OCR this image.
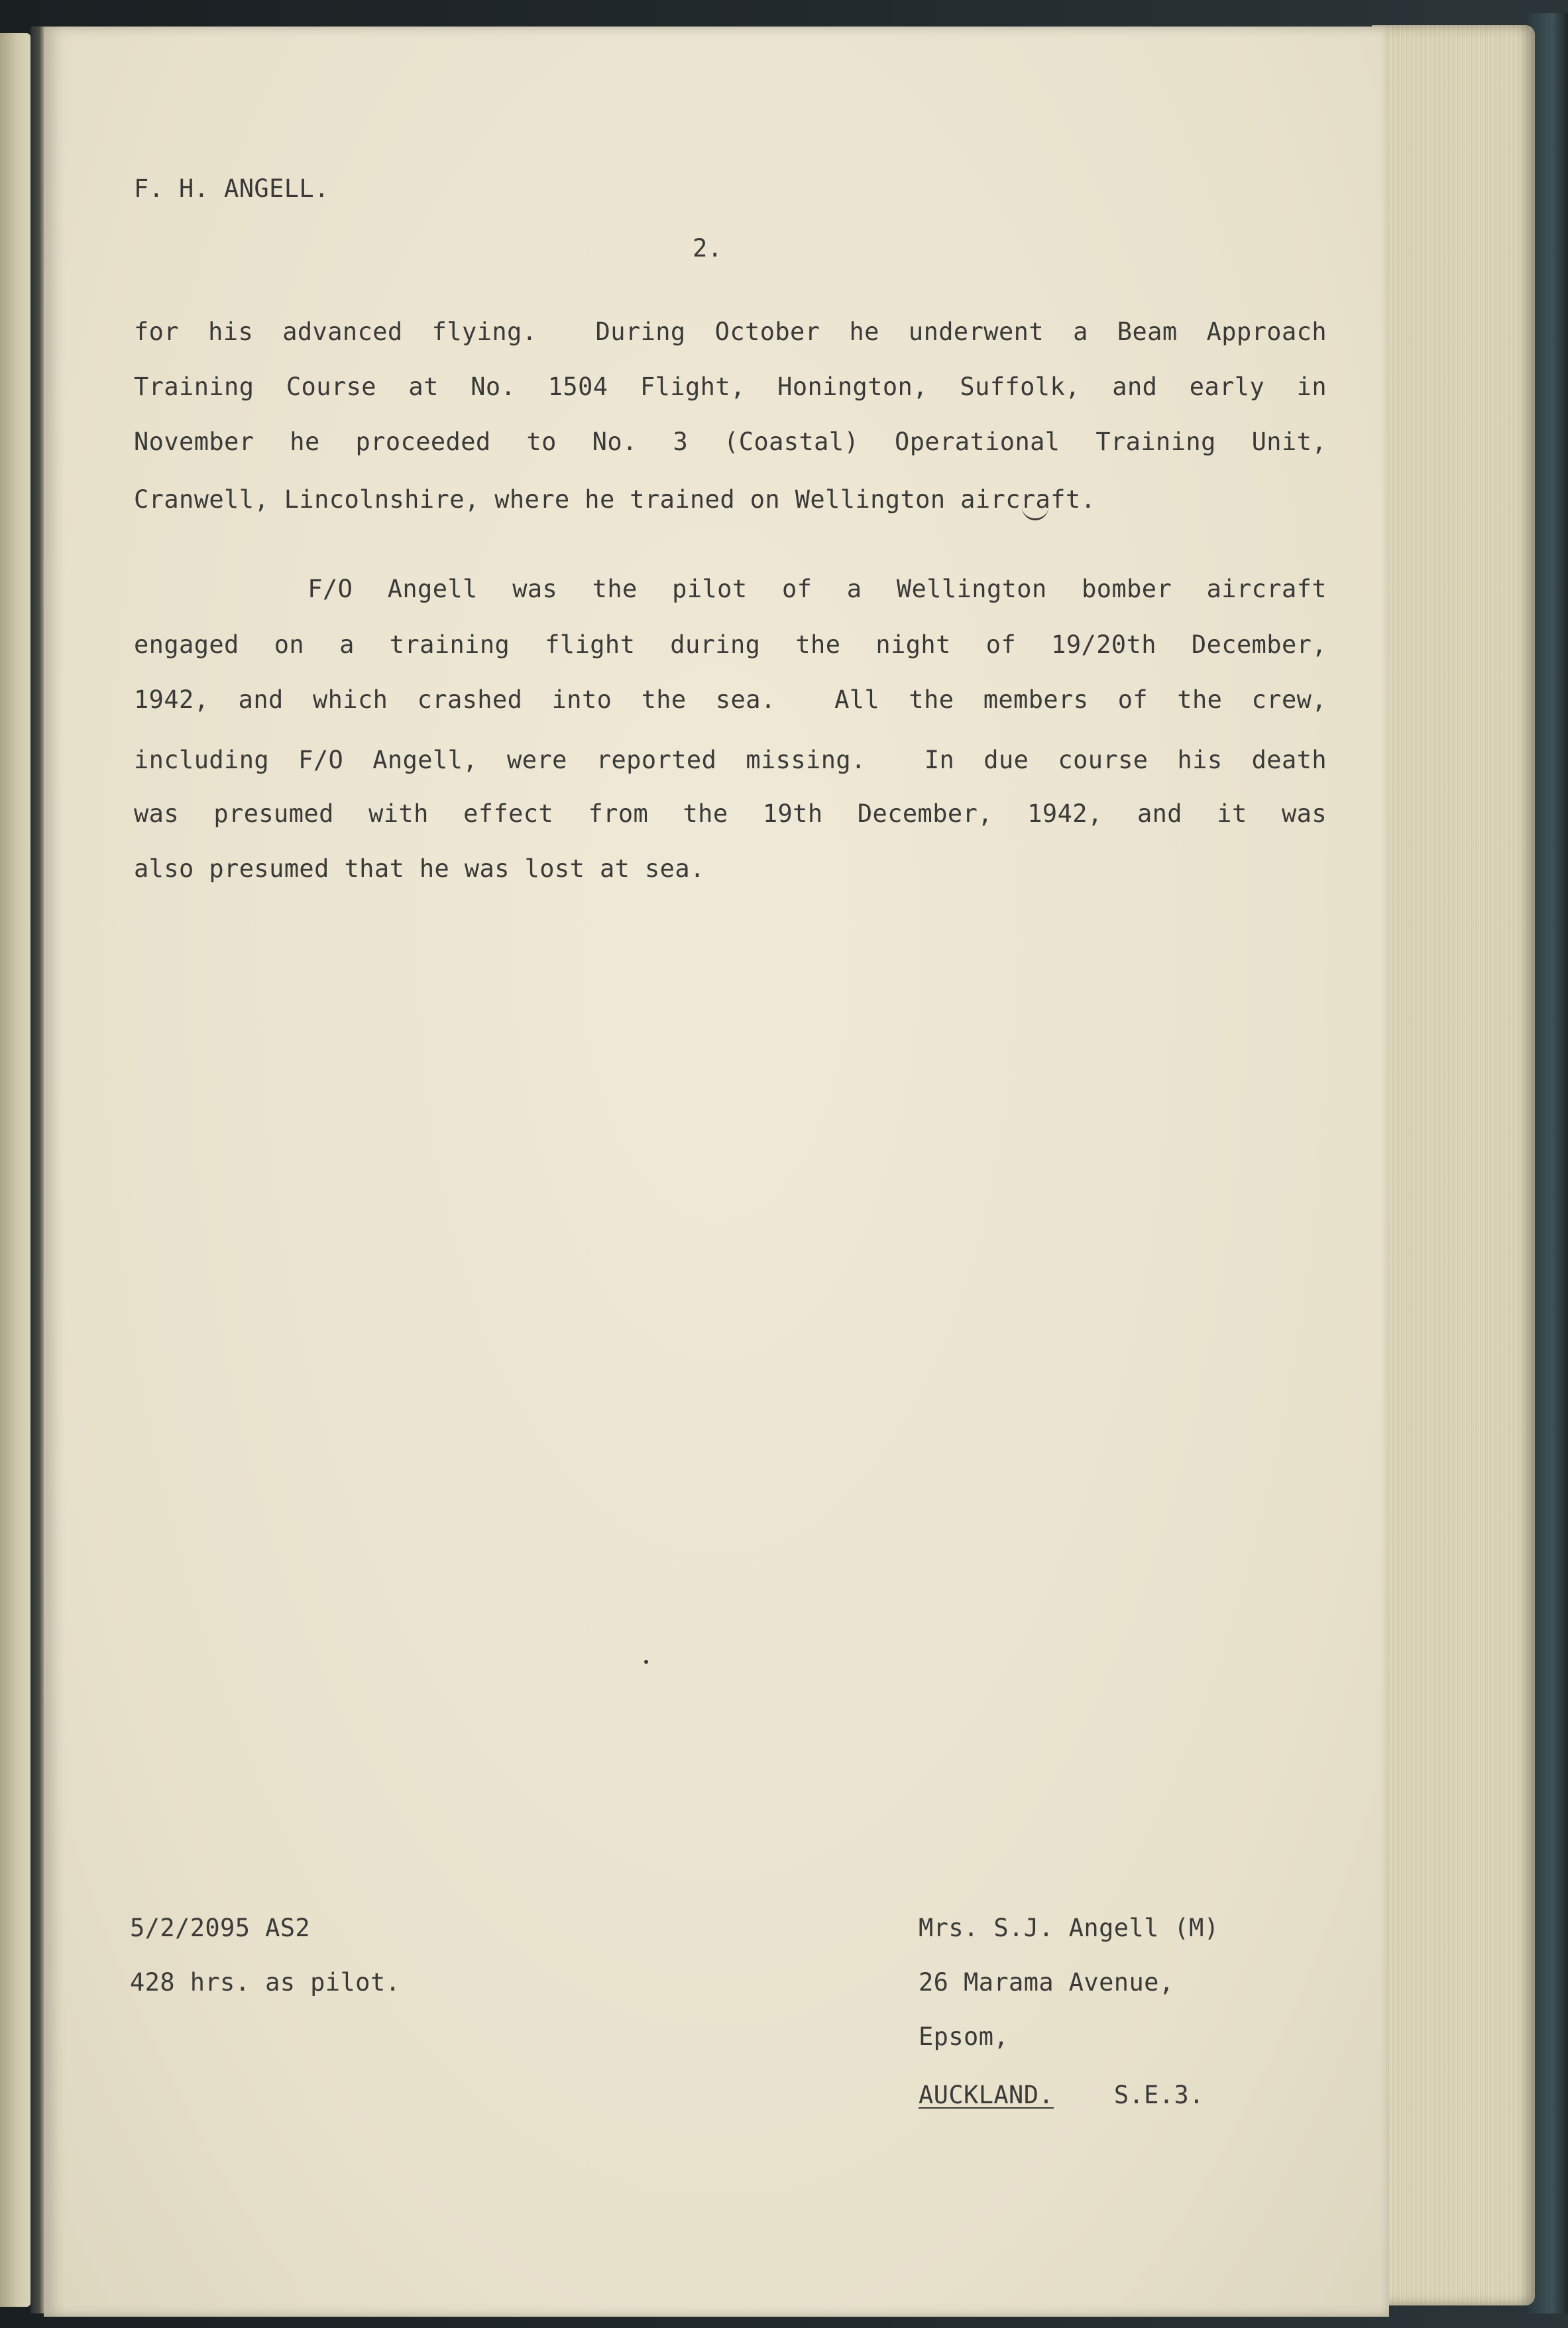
F. H. ANGELL.
2.
for his advanced flying.  During October he underwent a Beam Approach
Training Course at No. 1504 Flight, Honington, Suffolk, and early in
November he proceeded to No. 3 (Coastal) Operational Training Unit,
Cranwell, Lincolnshire, where he trained on Wellington aircraft.
F/O Angell was the pilot of a Wellington bomber aircraft
engaged on a training flight during the night of 19/20th December,
1942, and which crashed into the sea.  All the members of the crew,
including F/O Angell, were reported missing.  In due course his death
was presumed with effect from the 19th December, 1942, and it was
also presumed that he was lost at sea.
5/2/2095 AS2
428 hrs. as pilot.
Mrs. S.J. Angell (M)
26 Marama Avenue,
Epsom,
AUCKLAND. S.E.3.
